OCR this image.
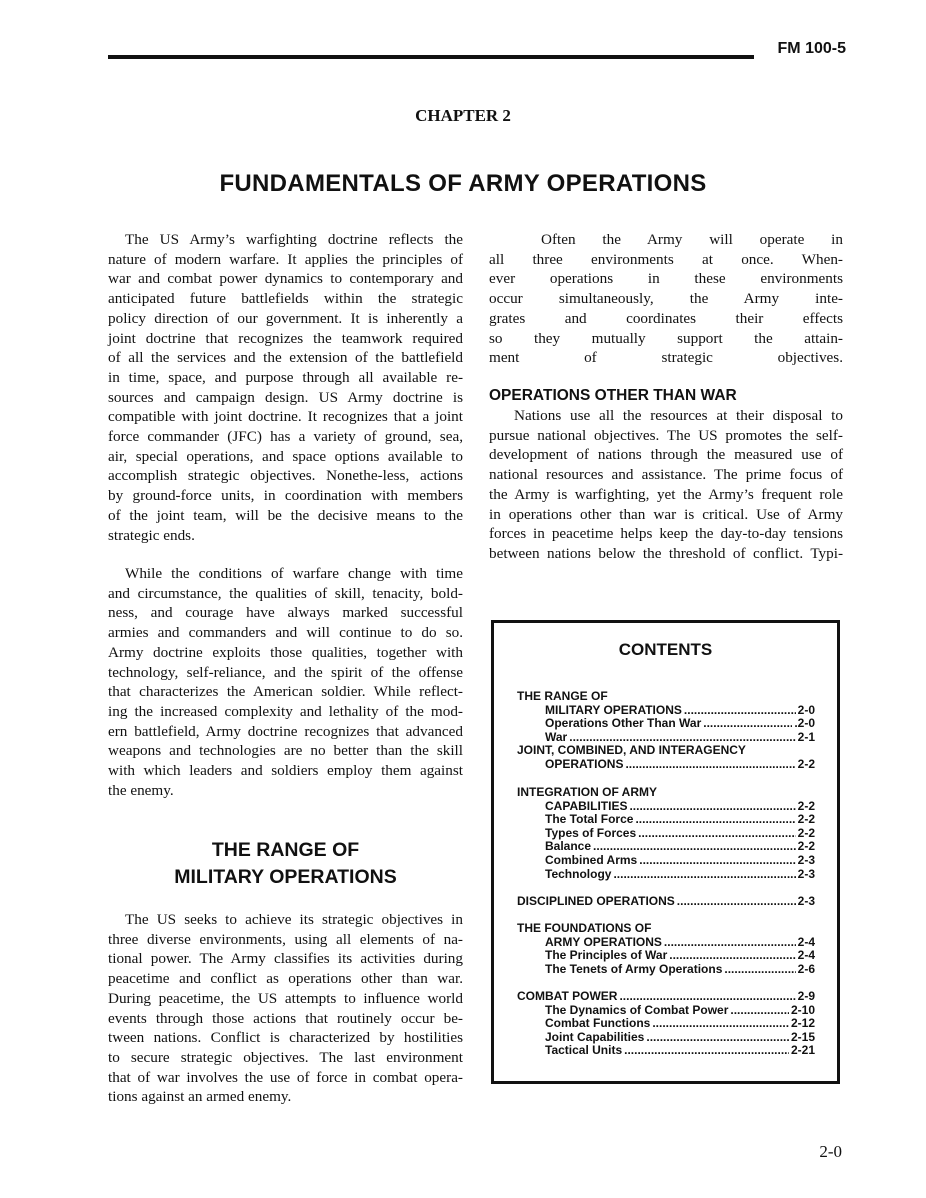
FM 100-5
CHAPTER 2
FUNDAMENTALS OF ARMY OPERATIONS
The US Army’s warfighting doctrine reflects the
nature of modern warfare. It applies the principles of
war and combat power dynamics to contemporary and
anticipated future battlefields within the strategic
policy direction of our government. It is inherently a
joint doctrine that recognizes the teamwork required
of all the services and the extension of the battlefield
in time, space, and purpose through all available re-
sources and campaign design. US Army doctrine is
compatible with joint doctrine. It recognizes that a joint
force commander (JFC) has a variety of ground, sea,
air, special operations, and space options available to
accomplish strategic objectives. Nonethe-less, actions
by ground-force units, in coordination with members
of the joint team, will be the decisive means to the
strategic ends.
While the conditions of warfare change with time
and circumstance, the qualities of skill, tenacity, bold-
ness, and courage have always marked successful
armies and commanders and will continue to do so.
Army doctrine exploits those qualities, together with
technology, self-reliance, and the spirit of the offense
that characterizes the American soldier. While reflect-
ing the increased complexity and lethality of the mod-
ern battlefield, Army doctrine recognizes that advanced
weapons and technologies are no better than the skill
with which leaders and soldiers employ them against
the enemy.
THE RANGE OF
MILITARY OPERATIONS
The US seeks to achieve its strategic objectives in
three diverse environments, using all elements of na-
tional power. The Army classifies its activities during
peacetime and conflict as operations other than war.
During peacetime, the US attempts to influence world
events through those actions that routinely occur be-
tween nations. Conflict is characterized by hostilities
to secure strategic objectives. The last environment
that of war involves the use of force in combat opera-
tions against an armed enemy.
Often the Army will operate in
all three environments at once. When-
ever operations in these environments
occur simultaneously, the Army inte-
grates and coordinates their effects
so they mutually support the attain-
ment of strategic objectives.
OPERATIONS OTHER THAN WAR
Nations use all the resources at their disposal to
pursue national objectives. The US promotes the self-
development of nations through the measured use of
national resources and assistance. The prime focus of
the Army is warfighting, yet the Army’s frequent role
in operations other than war is critical. Use of Army
forces in peacetime helps keep the day-to-day tensions
between nations below the threshold of conflict. Typi-
CONTENTS
THE RANGE OF
MILITARY OPERATIONS .....	2-0
Operations Other Than War .....	.2-0
War .....	2-1
JOINT, COMBINED, AND INTERAGENCY
OPERATIONS .....	2-2
INTEGRATION OF ARMY
CAPABILITIES .....	2-2
The Total Force .....	2-2
Types of Forces .....	2-2
Balance .....	2-2
Combined Arms .....	2-3
Technology .....	2-3
DISCIPLINED OPERATIONS .....	2-3
THE FOUNDATIONS OF
ARMY OPERATIONS .....	2-4
The Principles of War .....	2-4
The Tenets of Army Operations .....	2-6
COMBAT POWER .....	2-9
The Dynamics of Combat Power .....	2-10
Combat Functions .....	2-12
Joint Capabilities .....	2-15
Tactical Units .....	2-21
2-0
